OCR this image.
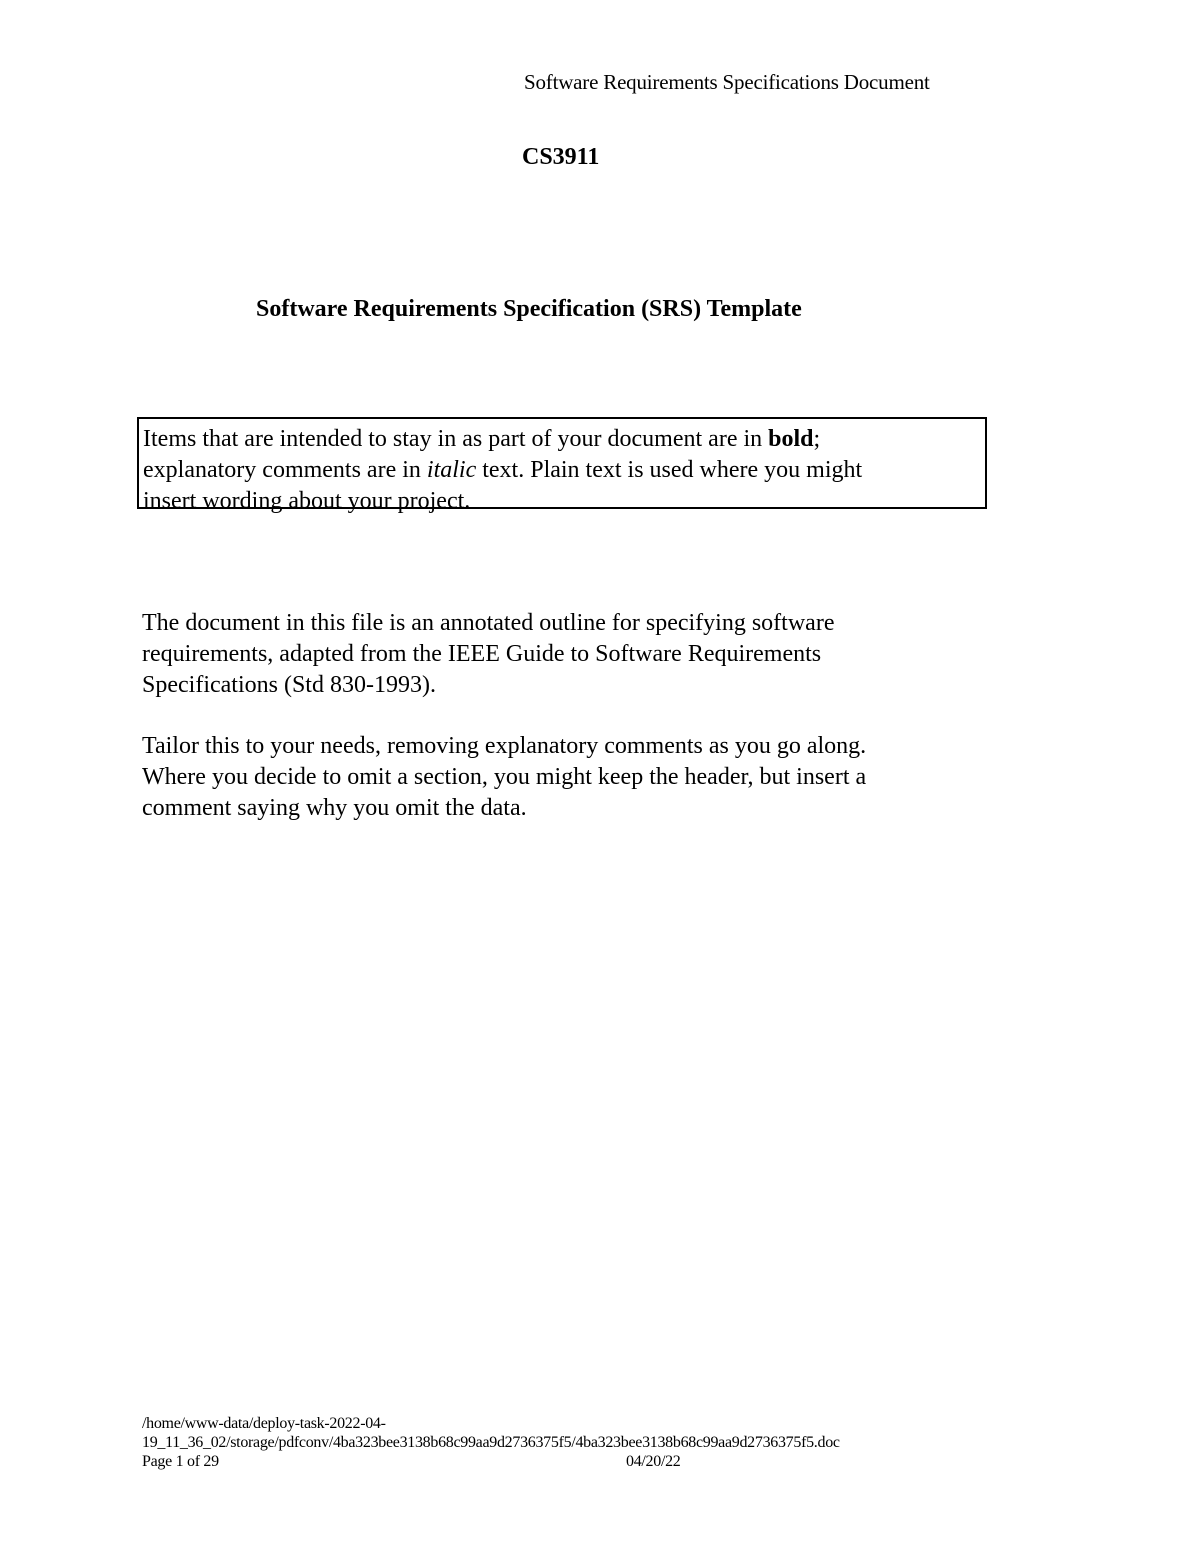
Software Requirements Specifications Document
CS3911
Software Requirements Specification (SRS) Template
Items that are intended to stay in as part of your document are in bold;
explanatory comments are in italic text. Plain text is used where you might
insert wording about your project.
The document in this file is an annotated outline for specifying software
requirements, adapted from the IEEE Guide to Software Requirements
Specifications (Std 830-1993).
Tailor this to your needs, removing explanatory comments as you go along.
Where you decide to omit a section, you might keep the header, but insert a
comment saying why you omit the data.
/home/www-data/deploy-task-2022-04-
19_11_36_02/storage/pdfconv/4ba323bee3138b68c99aa9d2736375f5/4ba323bee3138b68c99aa9d2736375f5.doc
Page 1 of 29	04/20/22
